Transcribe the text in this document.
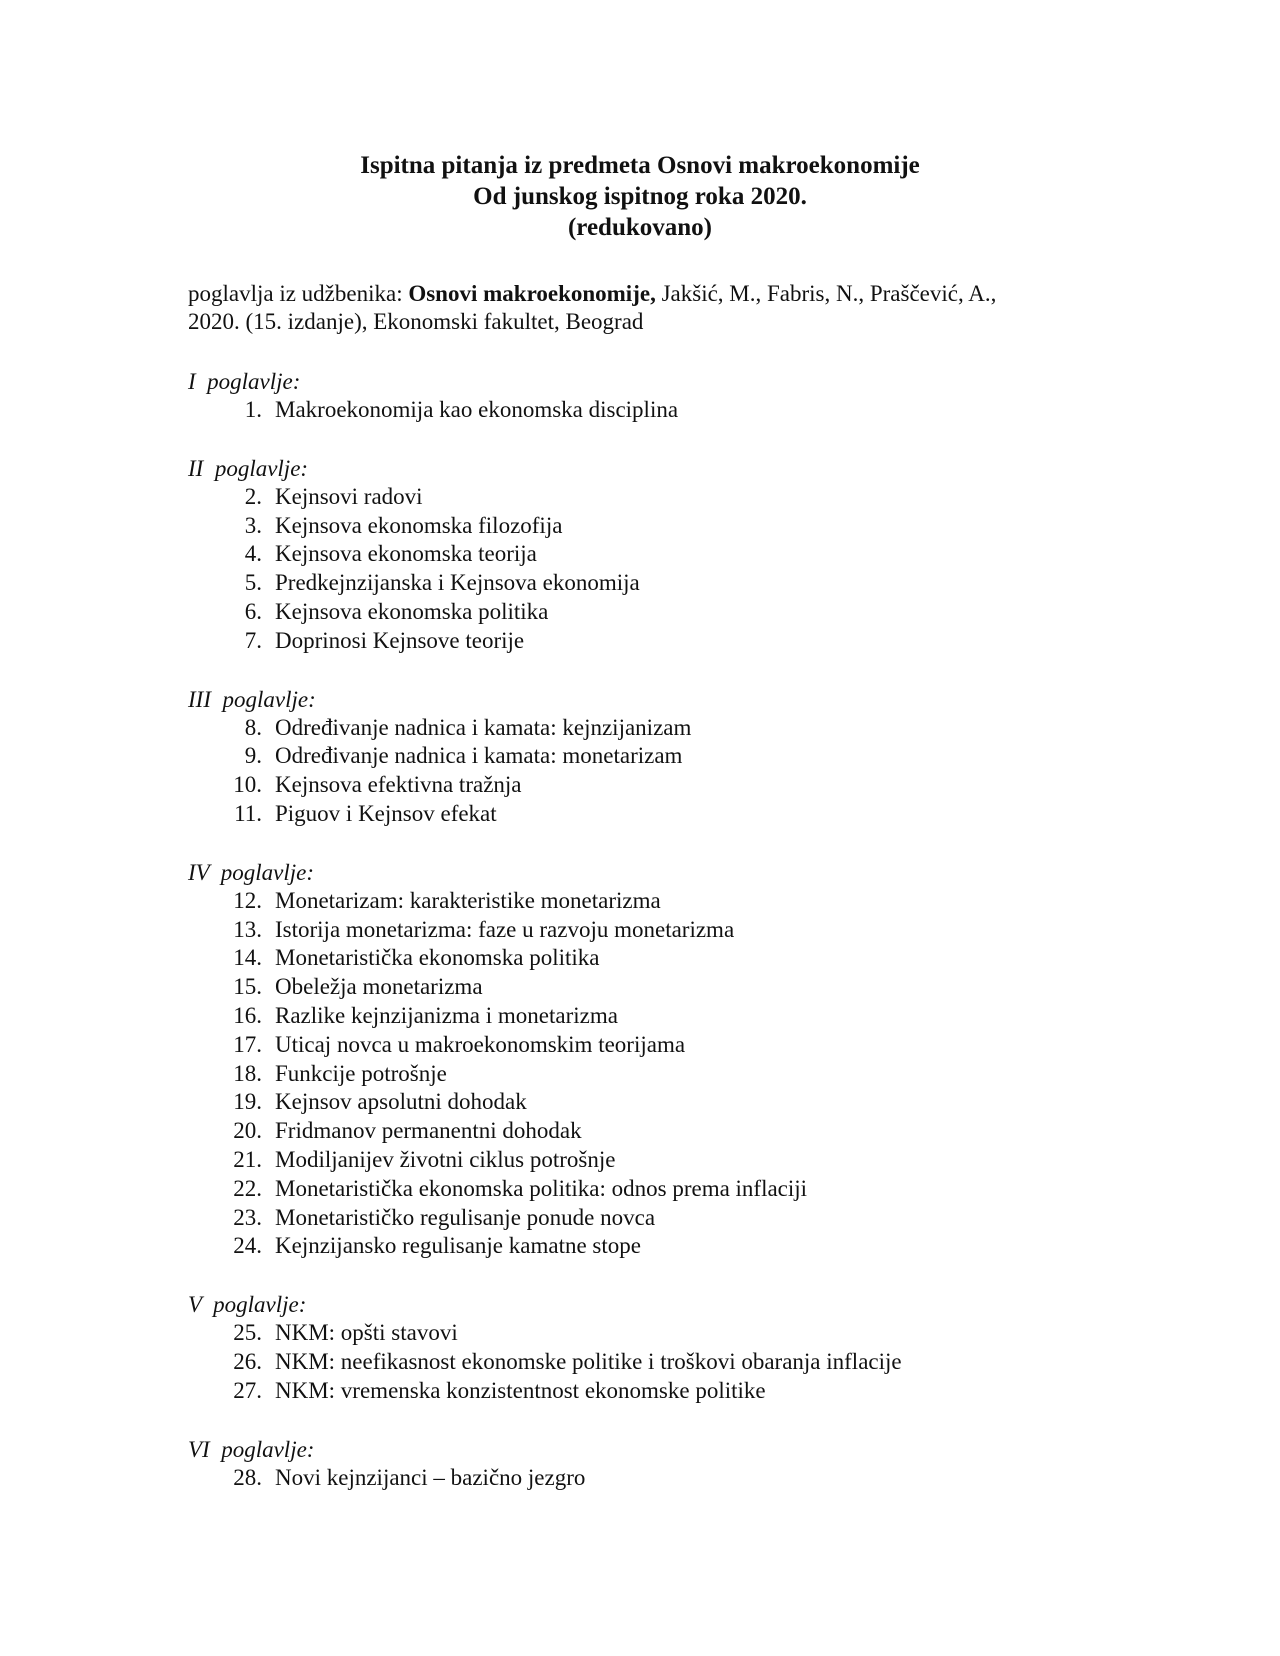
Ispitna pitanja iz predmeta Osnovi makroekonomije

Od junskog ispitnog roka 2020.

(redukovano)

poglavlja iz udžbenika: Osnovi makroekonomije, Jakšić, M., Fabris, N., Praščević, A.,
2020. (15. izdanje), Ekonomski fakultet, Beograd

I  poglavlje:

1. Makroekonomija kao ekonomska disciplina

II  poglavlje:

2. Kejnsovi radovi
3. Kejnsova ekonomska filozofija
4. Kejnsova ekonomska teorija
5. Predkejnzijanska i Kejnsova ekonomija
6. Kejnsova ekonomska politika
7. Doprinosi Kejnsove teorije

III  poglavlje:

8. Određivanje nadnica i kamata: kejnzijanizam
9. Određivanje nadnica i kamata: monetarizam
10. Kejnsova efektivna tražnja
11. Piguov i Kejnsov efekat

IV  poglavlje:

12. Monetarizam: karakteristike monetarizma
13. Istorija monetarizma: faze u razvoju monetarizma
14. Monetaristička ekonomska politika
15. Obeležja monetarizma
16. Razlike kejnzijanizma i monetarizma
17. Uticaj novca u makroekonomskim teorijama
18. Funkcije potrošnje
19. Kejnsov apsolutni dohodak
20. Fridmanov permanentni dohodak
21. Modiljanijev životni ciklus potrošnje
22. Monetaristička ekonomska politika: odnos prema inflaciji
23. Monetarističko regulisanje ponude novca
24. Kejnzijansko regulisanje kamatne stope

V  poglavlje:

25. NKM: opšti stavovi
26. NKM: neefikasnost ekonomske politike i troškovi obaranja inflacije
27. NKM: vremenska konzistentnost ekonomske politike

VI  poglavlje:

28. Novi kejnzijanci – bazično jezgro
